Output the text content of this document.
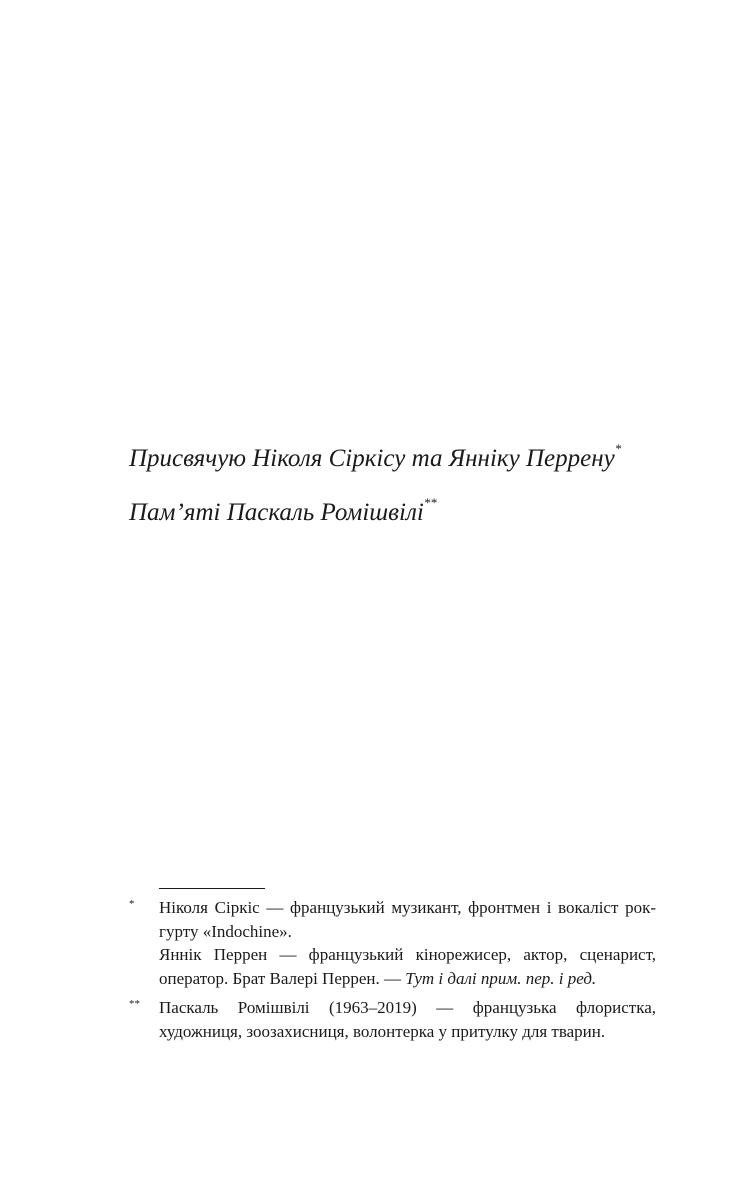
Присвячую Ніколя Сіркісу та Яннiку Перрену*

Пам’яті Паскаль Ромішвілі**

* Ніколя Сіркіс — французький музикант, фронтмен і вокаліст рок-гурту «Indochine».
Яннік Перрен — французький кінорежисер, актор, сценарист, оператор. Брат Валері Перрен. — Тут і далі прим. пер. і ред.
** Паскаль Ромішвілі (1963–2019) — французька флористка, художниця, зоозахисниця, волонтерка у притулку для тварин.
